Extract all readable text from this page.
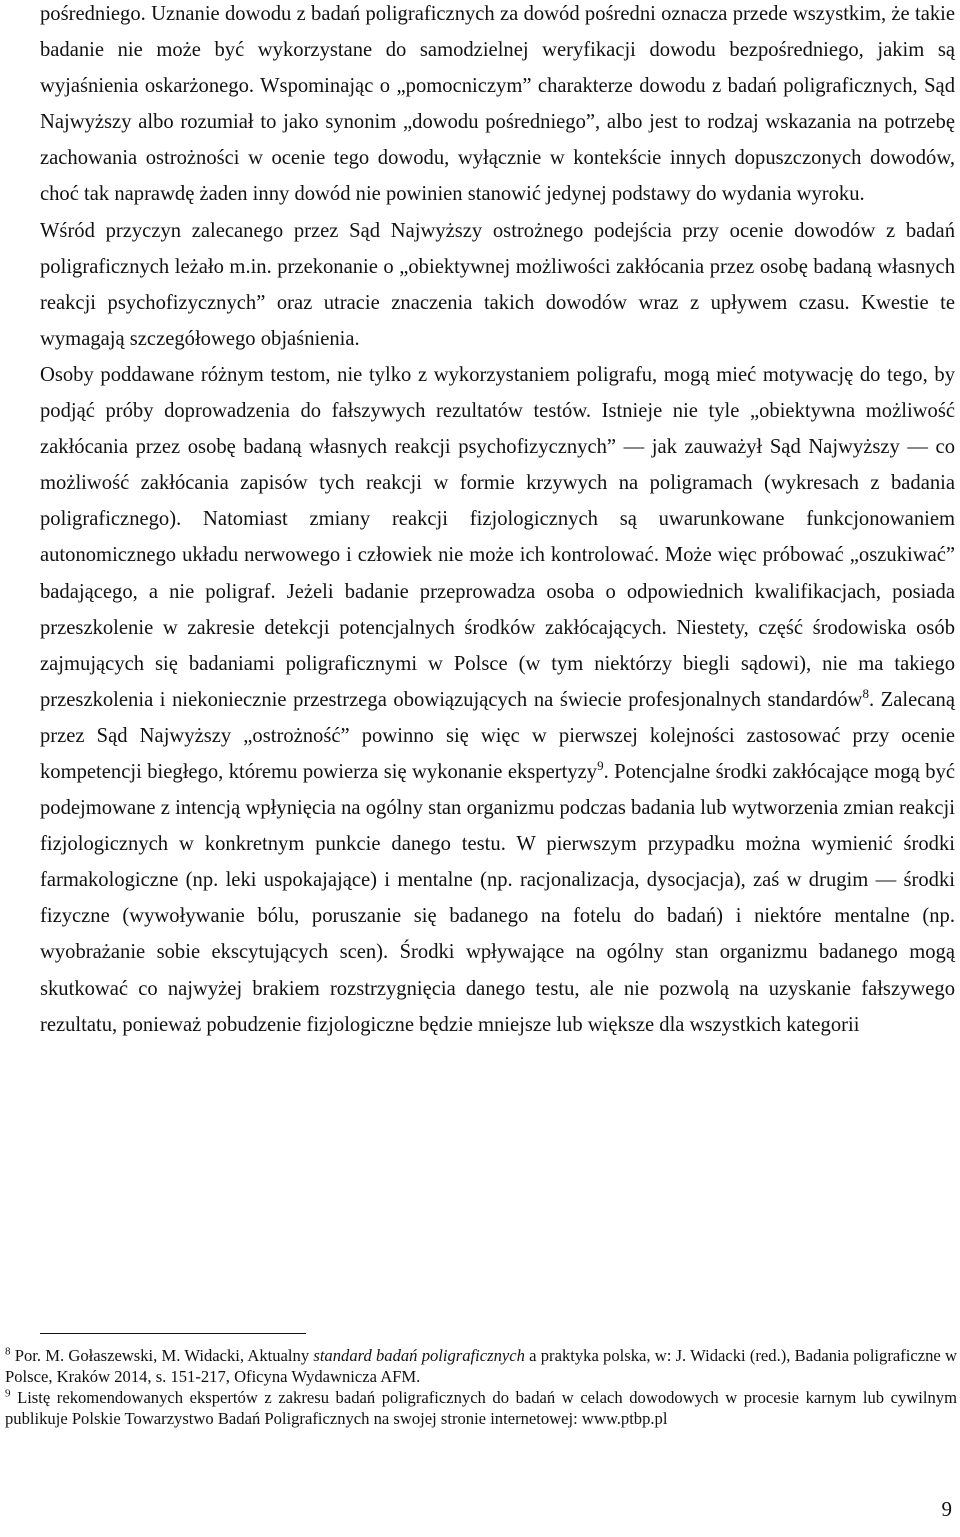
pośredniego. Uznanie dowodu z badań poligraficznych za dowód pośredni oznacza przede wszystkim, że takie badanie nie może być wykorzystane do samodzielnej weryfikacji dowodu bezpośredniego, jakim są wyjaśnienia oskarżonego. Wspominając o „pomocniczym” charakterze dowodu z badań poligraficznych, Sąd Najwyższy albo rozumiał to jako synonim „dowodu pośredniego”, albo jest to rodzaj wskazania na potrzebę zachowania ostrożności w ocenie tego dowodu, wyłącznie w kontekście innych dopuszczonych dowodów, choć tak naprawdę żaden inny dowód nie powinien stanowić jedynej podstawy do wydania wyroku.

Wśród przyczyn zalecanego przez Sąd Najwyższy ostrożnego podejścia przy ocenie dowodów z badań poligraficznych leżało m.in. przekonanie o „obiektywnej możliwości zakłócania przez osobę badaną własnych reakcji psychofizycznych” oraz utracie znaczenia takich dowodów wraz z upływem czasu. Kwestie te wymagają szczegółowego objaśnienia.

Osoby poddawane różnym testom, nie tylko z wykorzystaniem poligrafu, mogą mieć motywację do tego, by podjąć próby doprowadzenia do fałszywych rezultatów testów. Istnieje nie tyle „obiektywna możliwość zakłócania przez osobę badaną własnych reakcji psychofizycznych” — jak zauważył Sąd Najwyższy — co możliwość zakłócania zapisów tych reakcji w formie krzywych na poligramach (wykresach z badania poligraficznego). Natomiast zmiany reakcji fizjologicznych są uwarunkowane funkcjonowaniem autonomicznego układu nerwowego i człowiek nie może ich kontrolować. Może więc próbować „oszukiwać” badającego, a nie poligraf. Jeżeli badanie przeprowadza osoba o odpowiednich kwalifikacjach, posiada przeszkolenie w zakresie detekcji potencjalnych środków zakłócających. Niestety, część środowiska osób zajmujących się badaniami poligraficznymi w Polsce (w tym niektórzy biegli sądowi), nie ma takiego przeszkolenia i niekoniecznie przestrzega obowiązujących na świecie profesjonalnych standardów$^8$. Zalecaną przez Sąd Najwyższy „ostrożność” powinno się więc w pierwszej kolejności zastosować przy ocenie kompetencji biegłego, któremu powierza się wykonanie ekspertyzy$^9$. Potencjalne środki zakłócające mogą być podejmowane z intencją wpłynięcia na ogólny stan organizmu podczas badania lub wytworzenia zmian reakcji fizjologicznych w konkretnym punkcie danego testu. W pierwszym przypadku można wymienić środki farmakologiczne (np. leki uspokajające) i mentalne (np. racjonalizacja, dysocjacja), zaś w drugim — środki fizyczne (wywoływanie bólu, poruszanie się badanego na fotelu do badań) i niektóre mentalne (np. wyobrażanie sobie ekscytujących scen). Środki wpływające na ogólny stan organizmu badanego mogą skutkować co najwyżej brakiem rozstrzygnięcia danego testu, ale nie pozwolą na uzyskanie fałszywego rezultatu, ponieważ pobudzenie fizjologiczne będzie mniejsze lub większe dla wszystkich kategorii

$^8$ Por. M. Gołaszewski, M. Widacki, Aktualny standard badań poligraficznych a praktyka polska, w: J. Widacki (red.), Badania poligraficzne w Polsce, Kraków 2014, s. 151-217, Oficyna Wydawnicza AFM.

$^9$ Listę rekomendowanych ekspertów z zakresu badań poligraficznych do badań w celach dowodowych w procesie karnym lub cywilnym publikuje Polskie Towarzystwo Badań Poligraficznych na swojej stronie internetowej: www.ptbp.pl

9
